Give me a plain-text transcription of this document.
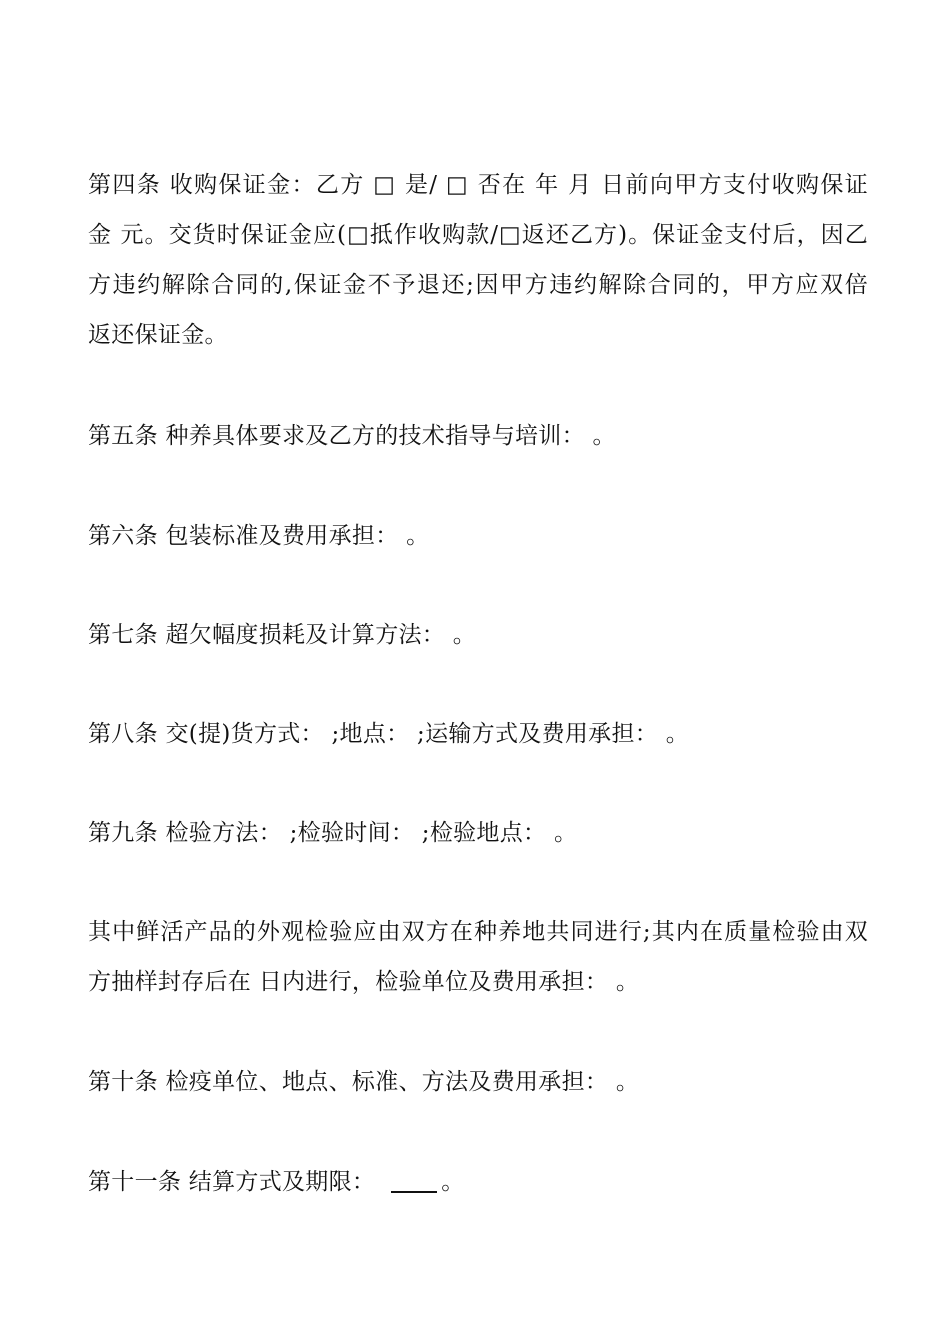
第四条 收购保证金：乙方 □ 是/ □ 否在 年 月 日前向甲方支付收购保证
金 元。交货时保证金应(□抵作收购款/□返还乙方)。保证金支付后，因乙
方违约解除合同的,保证金不予退还;因甲方违约解除合同的，甲方应双倍
返还保证金。
第五条 种养具体要求及乙方的技术指导与培训： 。
第六条 包装标准及费用承担： 。
第七条 超欠幅度损耗及计算方法： 。
第八条 交(提)货方式： ;地点： ;运输方式及费用承担： 。
第九条 检验方法： ;检验时间： ;检验地点： 。
其中鲜活产品的外观检验应由双方在种养地共同进行;其内在质量检验由双
方抽样封存后在 日内进行，检验单位及费用承担： 。
第十条 检疫单位、地点、标准、方法及费用承担： 。
第十一条 结算方式及期限：	。
